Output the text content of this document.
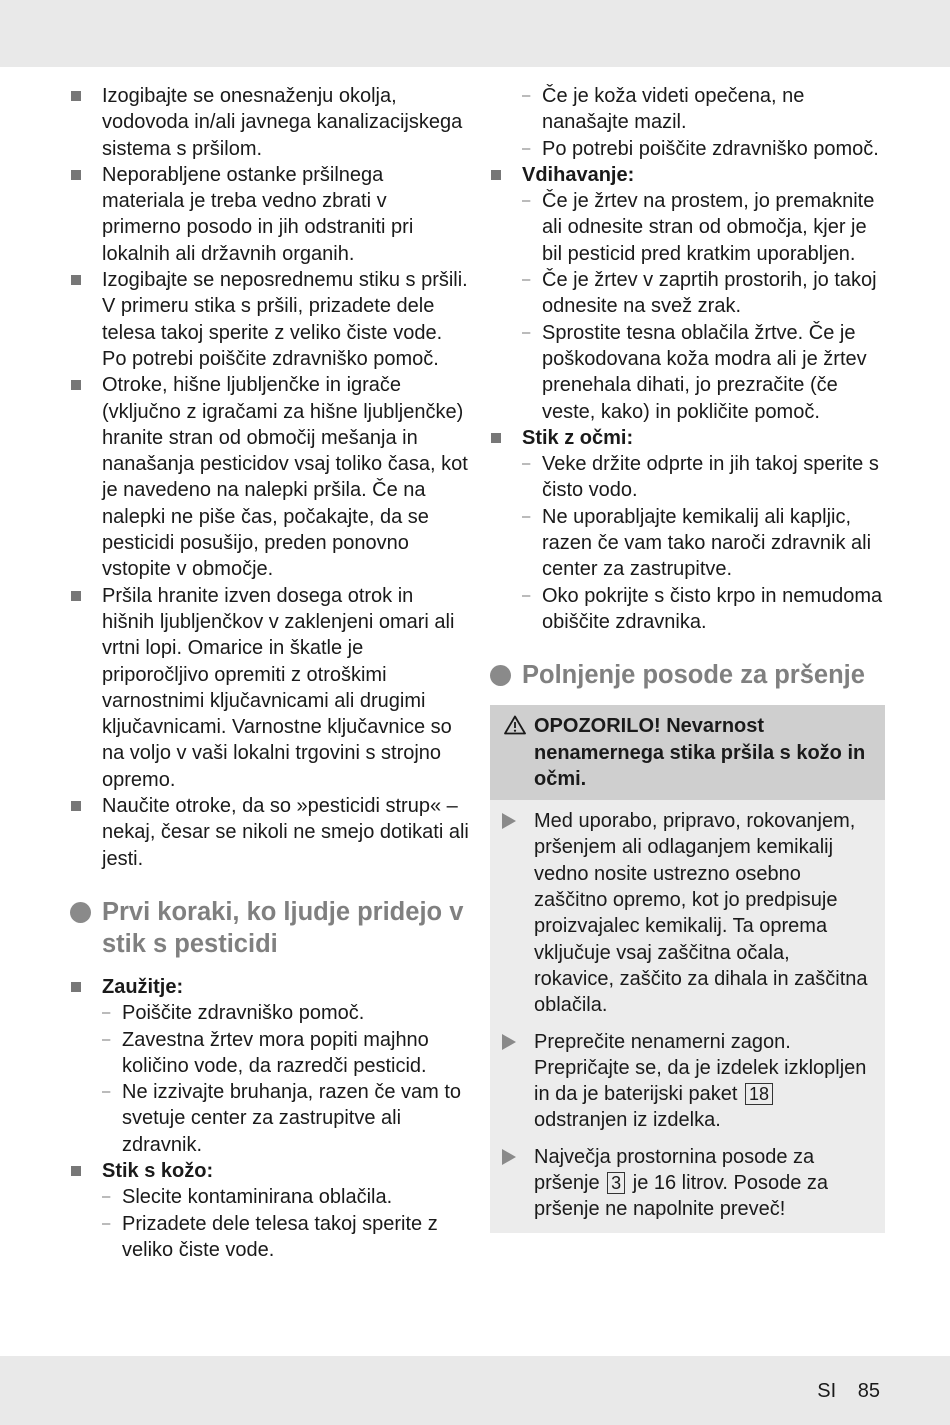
Izogibajte se onesnaženju okolja, vodovoda in/ali javnega kanalizacijskega sistema s pršilom.
Neporabljene ostanke pršilnega materiala je treba vedno zbrati v primerno posodo in jih odstraniti pri lokalnih ali državnih organih.
Izogibajte se neposrednemu stiku s pršili. V primeru stika s pršili, prizadete dele telesa takoj sperite z veliko čiste vode. Po potrebi poiščite zdravniško pomoč.
Otroke, hišne ljubljenčke in igrače (vključno z igračami za hišne ljubljenčke) hranite stran od območij mešanja in nanašanja pesticidov vsaj toliko časa, kot je navedeno na nalepki pršila. Če na nalepki ne piše čas, počakajte, da se pesticidi posušijo, preden ponovno vstopite v območje.
Pršila hranite izven dosega otrok in hišnih ljubljenčkov v zaklenjeni omari ali vrtni lopi. Omarice in škatle je priporočljivo opremiti z otroškimi varnostnimi ključavnicami ali drugimi ključavnicami. Varnostne ključavnice so na voljo v vaši lokalni trgovini s strojno opremo.
Naučite otroke, da so »pesticidi strup« – nekaj, česar se nikoli ne smejo dotikati ali jesti.
Prvi koraki, ko ljudje pridejo v stik s pesticidi
Zaužitje:
– Poiščite zdravniško pomoč.
– Zavestna žrtev mora popiti majhno količino vode, da razredči pesticid.
– Ne izzivajte bruhanja, razen če vam to svetuje center za zastrupitve ali zdravnik.
Stik s kožo:
– Slecite kontaminirana oblačila.
– Prizadete dele telesa takoj sperite z veliko čiste vode.
– Če je koža videti opečena, ne nanašajte mazil.
– Po potrebi poiščite zdravniško pomoč.
Vdihavanje:
– Če je žrtev na prostem, jo premaknite ali odnesite stran od območja, kjer je bil pesticid pred kratkim uporabljen.
– Če je žrtev v zaprtih prostorih, jo takoj odnesite na svež zrak.
– Sprostite tesna oblačila žrtve. Če je poškodovana koža modra ali je žrtev prenehala dihati, jo prezračite (če veste, kako) in pokličite pomoč.
Stik z očmi:
– Veke držite odprte in jih takoj sperite s čisto vodo.
– Ne uporabljajte kemikalij ali kapljic, razen če vam tako naroči zdravnik ali center za zastrupitve.
– Oko pokrijte s čisto krpo in nemudoma obiščite zdravnika.
Polnjenje posode za pršenje
OPOZORILO! Nevarnost nenamernega stika pršila s kožo in očmi.
Med uporabo, pripravo, rokovanjem, pršenjem ali odlaganjem kemikalij vedno nosite ustrezno osebno zaščitno opremo, kot jo predpisuje proizvajalec kemikalij. Ta oprema vključuje vsaj zaščitna očala, rokavice, zaščito za dihala in zaščitna oblačila.
Preprečite nenamerni zagon. Prepričajte se, da je izdelek izklopljen in da je baterijski paket 18 odstranjen iz izdelka.
Največja prostornina posode za pršenje 3 je 16 litrov. Posode za pršenje ne napolnite preveč!
SI 85
